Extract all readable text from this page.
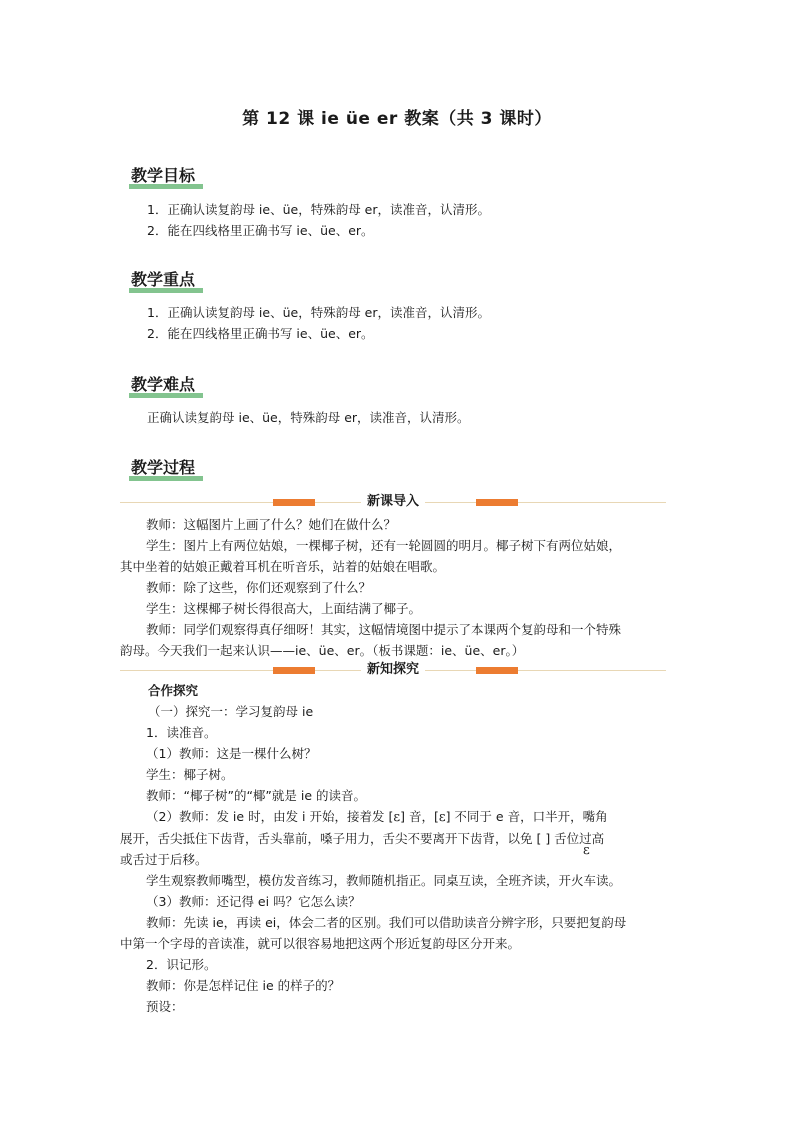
第 12 课 ie üe er 教案（共 3 课时）
教学目标
1．正确认读复韵母 ie、üe，特殊韵母 er，读准音，认清形。
2．能在四线格里正确书写 ie、üe、er。
教学重点
1．正确认读复韵母 ie、üe，特殊韵母 er，读准音，认清形。
2．能在四线格里正确书写 ie、üe、er。
教学难点
正确认读复韵母 ie、üe，特殊韵母 er，读准音，认清形。
教学过程
新课导入
教师：这幅图片上画了什么？她们在做什么？
学生：图片上有两位姑娘，一棵椰子树，还有一轮圆圆的明月。椰子树下有两位姑娘，
其中坐着的姑娘正戴着耳机在听音乐，站着的姑娘在唱歌。
教师：除了这些，你们还观察到了什么？
学生：这棵椰子树长得很高大，上面结满了椰子。
教师：同学们观察得真仔细呀！其实，这幅情境图中提示了本课两个复韵母和一个特殊
韵母。今天我们一起来认识——ie、üe、er。（板书课题：ie、üe、er。）
新知探究
合作探究
（一）探究一：学习复韵母 ie
1．读准音。
（1）教师：这是一棵什么树？
学生：椰子树。
教师：“椰子树”的“椰”就是 ie 的读音。
（2）教师：发 ie 时，由发 i 开始，接着发 [ε] 音，[ε] 不同于 e 音，口半开，嘴角
展开，舌尖抵住下齿背，舌头靠前，嗓子用力，舌尖不要离开下齿背，以免 [ ] 舌位过高
ε
或舌过于后移。
学生观察教师嘴型，模仿发音练习，教师随机指正。同桌互读，全班齐读，开火车读。
（3）教师：还记得 ei 吗？它怎么读？
教师：先读 ie，再读 ei，体会二者的区别。我们可以借助读音分辨字形，只要把复韵母
中第一个字母的音读准，就可以很容易地把这两个形近复韵母区分开来。
2．识记形。
教师：你是怎样记住 ie 的样子的？
预设：
